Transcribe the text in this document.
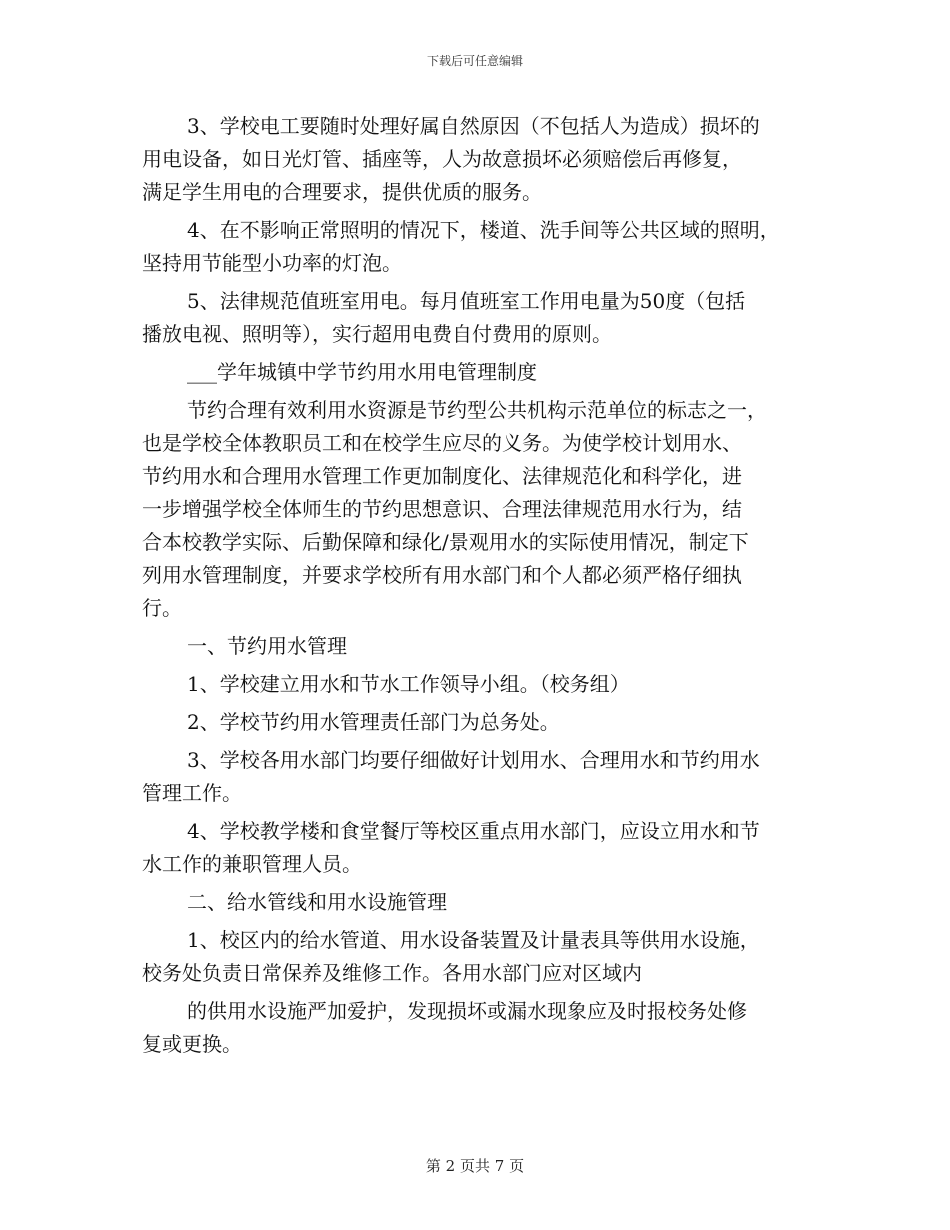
下载后可任意编辑
3、学校电工要随时处理好属自然原因（不包括人为造成）损坏的
用电设备，如日光灯管、插座等，人为故意损坏必须赔偿后再修复，
满足学生用电的合理要求，提供优质的服务。
4、在不影响正常照明的情况下，楼道、洗手间等公共区域的照明，
坚持用节能型小功率的灯泡。
5、法律规范值班室用电。每月值班室工作用电量为50度（包括
播放电视、照明等），实行超用电费自付费用的原则。
___学年城镇中学节约用水用电管理制度
节约合理有效利用水资源是节约型公共机构示范单位的标志之一，
也是学校全体教职员工和在校学生应尽的义务。为使学校计划用水、
节约用水和合理用水管理工作更加制度化、法律规范化和科学化，进
一步增强学校全体师生的节约思想意识、合理法律规范用水行为，结
合本校教学实际、后勤保障和绿化/景观用水的实际使用情况，制定下
列用水管理制度，并要求学校所有用水部门和个人都必须严格仔细执
行。
一、节约用水管理
1、学校建立用水和节水工作领导小组。（校务组）
2、学校节约用水管理责任部门为总务处。
3、学校各用水部门均要仔细做好计划用水、合理用水和节约用水
管理工作。
4、学校教学楼和食堂餐厅等校区重点用水部门，应设立用水和节
水工作的兼职管理人员。
二、给水管线和用水设施管理
1、校区内的给水管道、用水设备装置及计量表具等供用水设施，
校务处负责日常保养及维修工作。各用水部门应对区域内
的供用水设施严加爱护，发现损坏或漏水现象应及时报校务处修
复或更换。
第 2 页共 7 页
